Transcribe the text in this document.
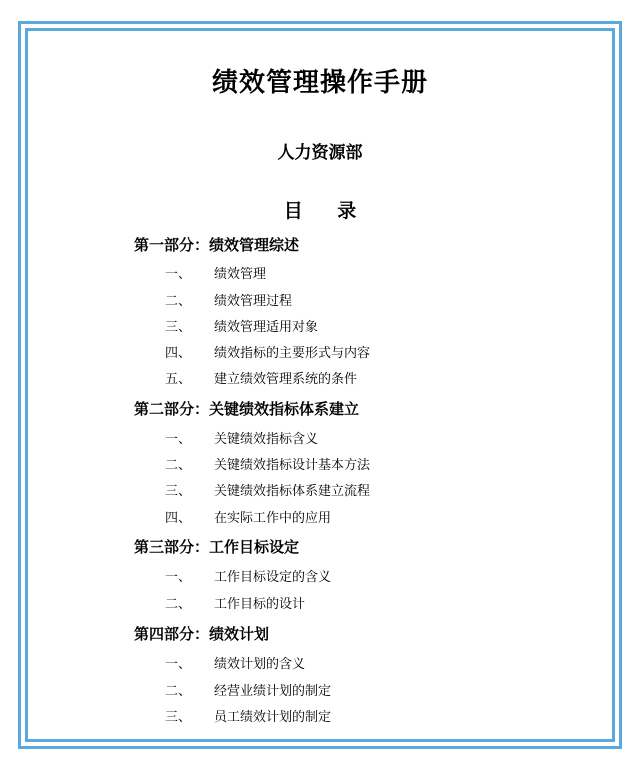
绩效管理操作手册
人力资源部
目 录
第一部分：绩效管理综述
一、 绩效管理
二、 绩效管理过程
三、 绩效管理适用对象
四、 绩效指标的主要形式与内容
五、 建立绩效管理系统的条件
第二部分：关键绩效指标体系建立
一、 关键绩效指标含义
二、 关键绩效指标设计基本方法
三、 关键绩效指标体系建立流程
四、 在实际工作中的应用
第三部分：工作目标设定
一、 工作目标设定的含义
二、 工作目标的设计
第四部分：绩效计划
一、 绩效计划的含义
二、 经营业绩计划的制定
三、 员工绩效计划的制定
